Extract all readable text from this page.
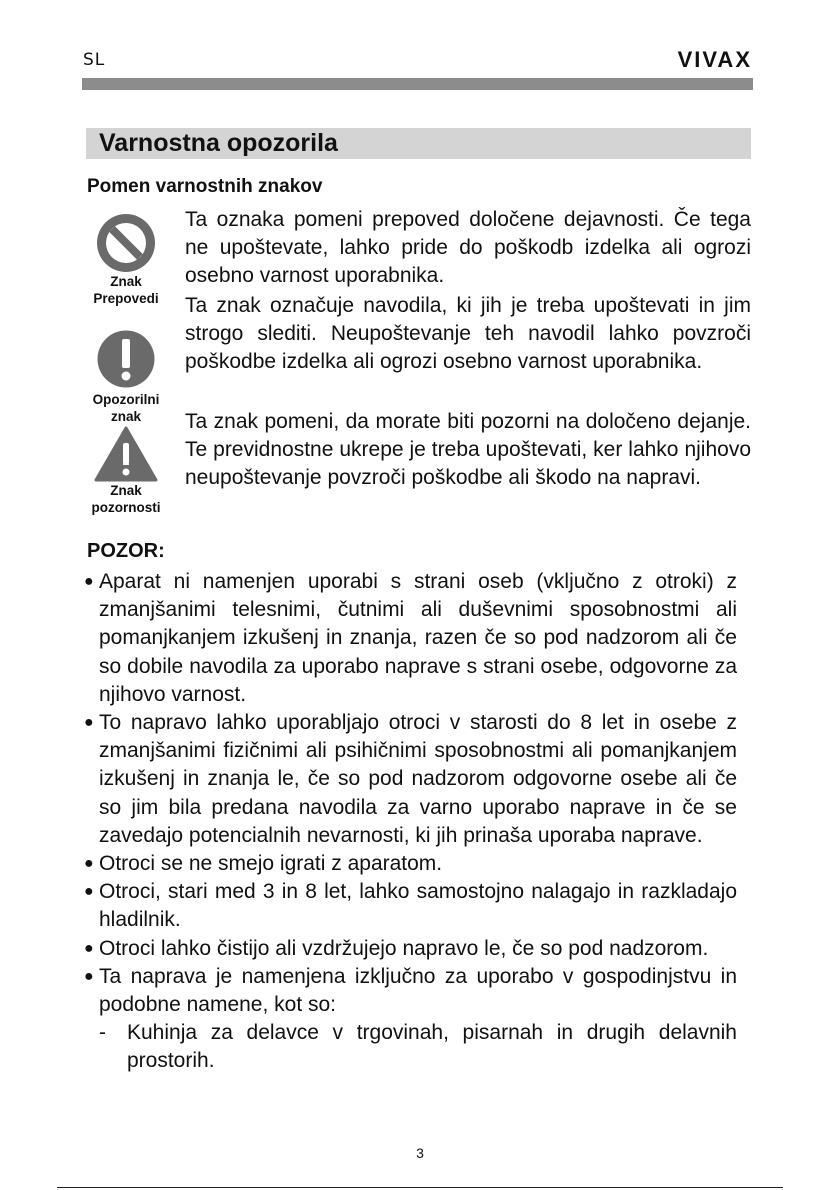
SL	VIVAX
Varnostna opozorila
Pomen varnostnih znakov
Znak
Prepovedi

Ta oznaka pomeni prepoved določene dejavnosti. Če tega ne upoštevate, lahko pride do poškodb izdelka ali ogrozi osebno varnost uporabnika.

Opozorilni
znak

Ta znak označuje navodila, ki jih je treba upoštevati in jim strogo slediti. Neupoštevanje teh navodil lahko povzroči poškodbe izdelka ali ogrozi osebno varnost uporabnika.

Znak
pozornosti

Ta znak pomeni, da morate biti pozorni na določeno dejanje. Te previdnostne ukrepe je treba upoštevati, ker lahko njihovo neupoštevanje povzroči poškodbe ali škodo na napravi.

POZOR:
● Aparat ni namenjen uporabi s strani oseb (vključno z otroki) z zmanjšanimi telesnimi, čutnimi ali duševnimi sposobnostmi ali pomanjkanjem izkušenj in znanja, razen če so pod nadzorom ali če so dobile navodila za uporabo naprave s strani osebe, odgovorne za njihovo varnost.
● To napravo lahko uporabljajo otroci v starosti do 8 let in osebe z zmanjšanimi fizičnimi ali psihičnimi sposobnostmi ali pomanjkanjem izkušenj in znanja le, če so pod nadzorom odgovorne osebe ali če so jim bila predana navodila za varno uporabo naprave in če se zavedajo potencialnih nevarnosti, ki jih prinaša uporaba naprave.
● Otroci se ne smejo igrati z aparatom.
● Otroci, stari med 3 in 8 let, lahko samostojno nalagajo in razkladajo hladilnik.
● Otroci lahko čistijo ali vzdržujejo napravo le, če so pod nadzorom.
● Ta naprava je namenjena izključno za uporabo v gospodinjstvu in podobne namene, kot so:
- Kuhinja za delavce v trgovinah, pisarnah in drugih delavnih prostorih.
3
